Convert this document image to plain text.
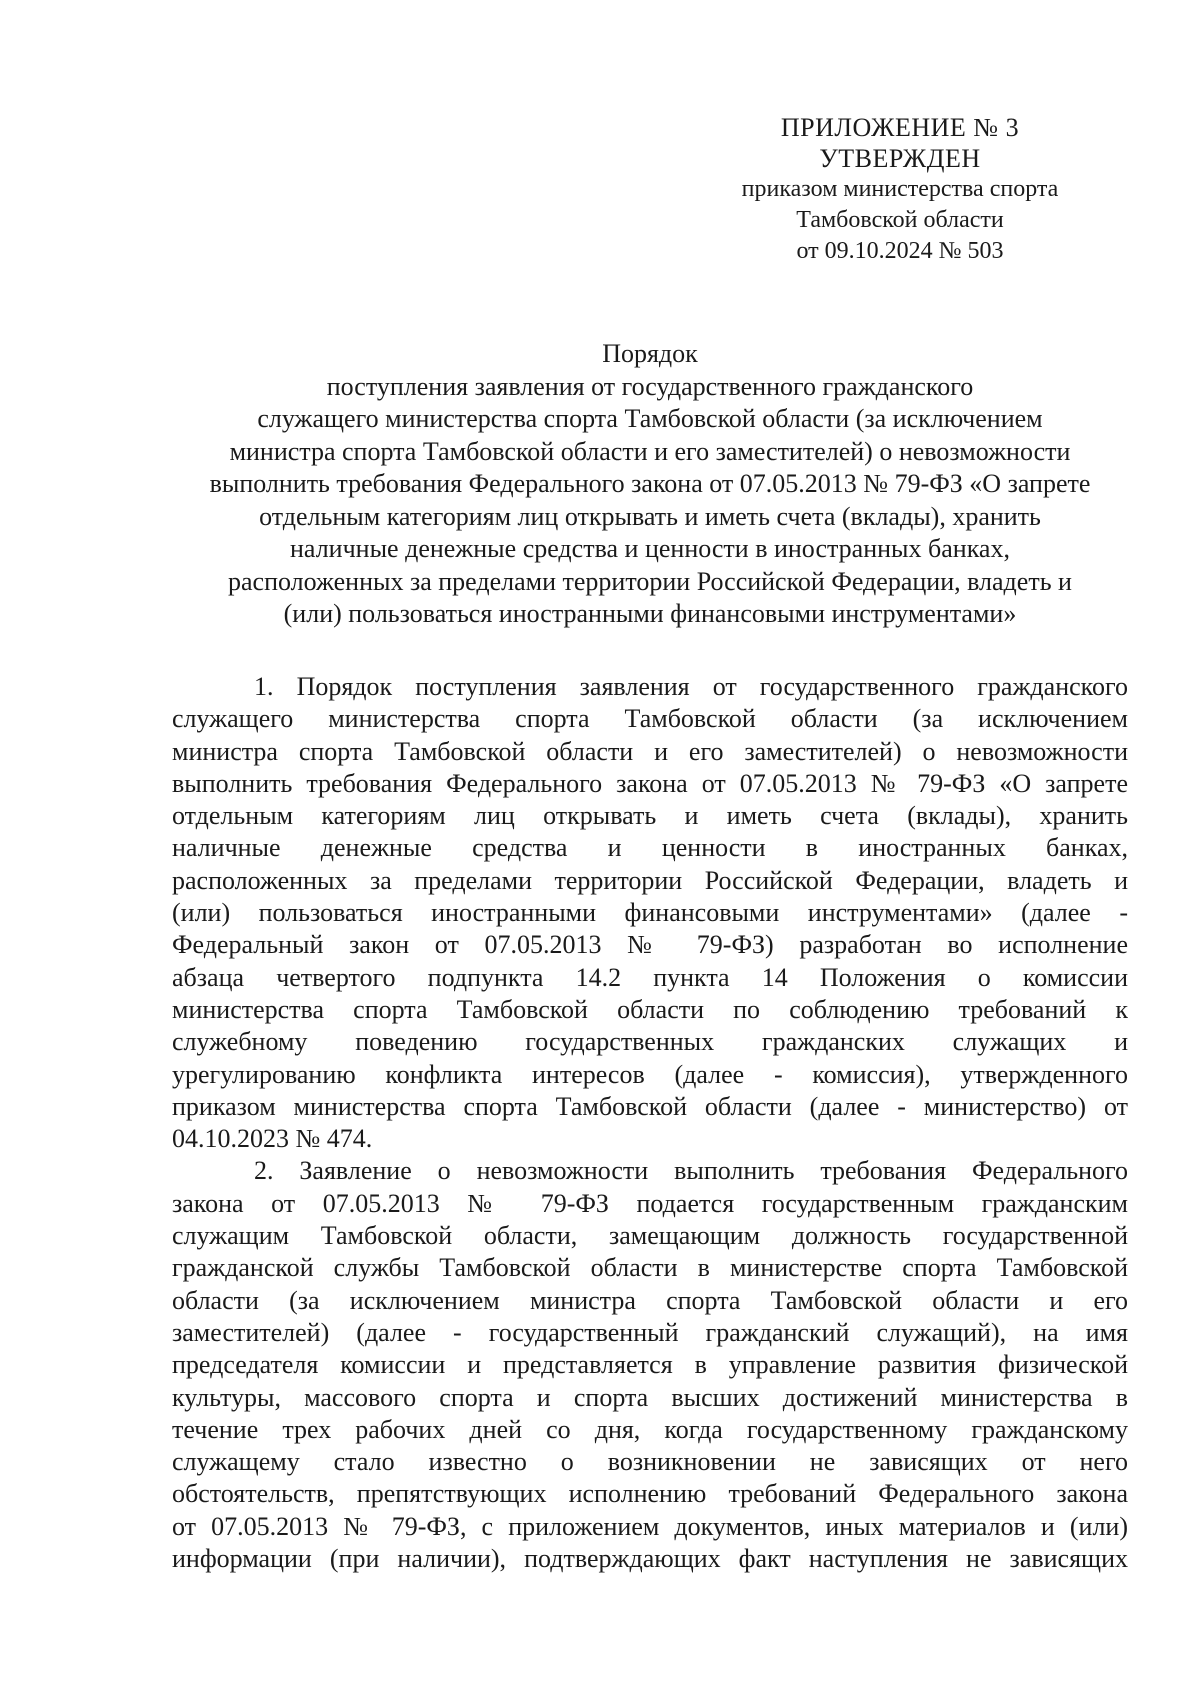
ПРИЛОЖЕНИЕ № 3
УТВЕРЖДЕН
приказом министерства спорта
Тамбовской области
от 09.10.2024 № 503
Порядок
поступления заявления от государственного гражданского
служащего министерства спорта Тамбовской области (за исключением
министра спорта Тамбовской области и его заместителей) о невозможности
выполнить требования Федерального закона от 07.05.2013 № 79-ФЗ «О запрете
отдельным категориям лиц открывать и иметь счета (вклады), хранить
наличные денежные средства и ценности в иностранных банках,
расположенных за пределами территории Российской Федерации, владеть и
(или) пользоваться иностранными финансовыми инструментами»
1. Порядок поступления заявления от государственного гражданского
служащего министерства спорта Тамбовской области (за исключением
министра спорта Тамбовской области и его заместителей) о невозможности
выполнить требования Федерального закона от 07.05.2013 № 79-ФЗ «О запрете
отдельным категориям лиц открывать и иметь счета (вклады), хранить
наличные денежные средства и ценности в иностранных банках,
расположенных за пределами территории Российской Федерации, владеть и
(или) пользоваться иностранными финансовыми инструментами» (далее -
Федеральный закон от 07.05.2013 № 79-ФЗ) разработан во исполнение
абзаца четвертого подпункта 14.2 пункта 14 Положения о комиссии
министерства спорта Тамбовской области по соблюдению требований к
служебному поведению государственных гражданских служащих и
урегулированию конфликта интересов (далее - комиссия), утвержденного
приказом министерства спорта Тамбовской области (далее - министерство) от
04.10.2023 № 474.
2. Заявление о невозможности выполнить требования Федерального
закона от 07.05.2013 № 79-ФЗ подается государственным гражданским
служащим Тамбовской области, замещающим должность государственной
гражданской службы Тамбовской области в министерстве спорта Тамбовской
области (за исключением министра спорта Тамбовской области и его
заместителей) (далее - государственный гражданский служащий), на имя
председателя комиссии и представляется в управление развития физической
культуры, массового спорта и спорта высших достижений министерства в
течение трех рабочих дней со дня, когда государственному гражданскому
служащему стало известно о возникновении не зависящих от него
обстоятельств, препятствующих исполнению требований Федерального закона
от 07.05.2013 № 79-ФЗ, с приложением документов, иных материалов и (или)
информации (при наличии), подтверждающих факт наступления не зависящих
